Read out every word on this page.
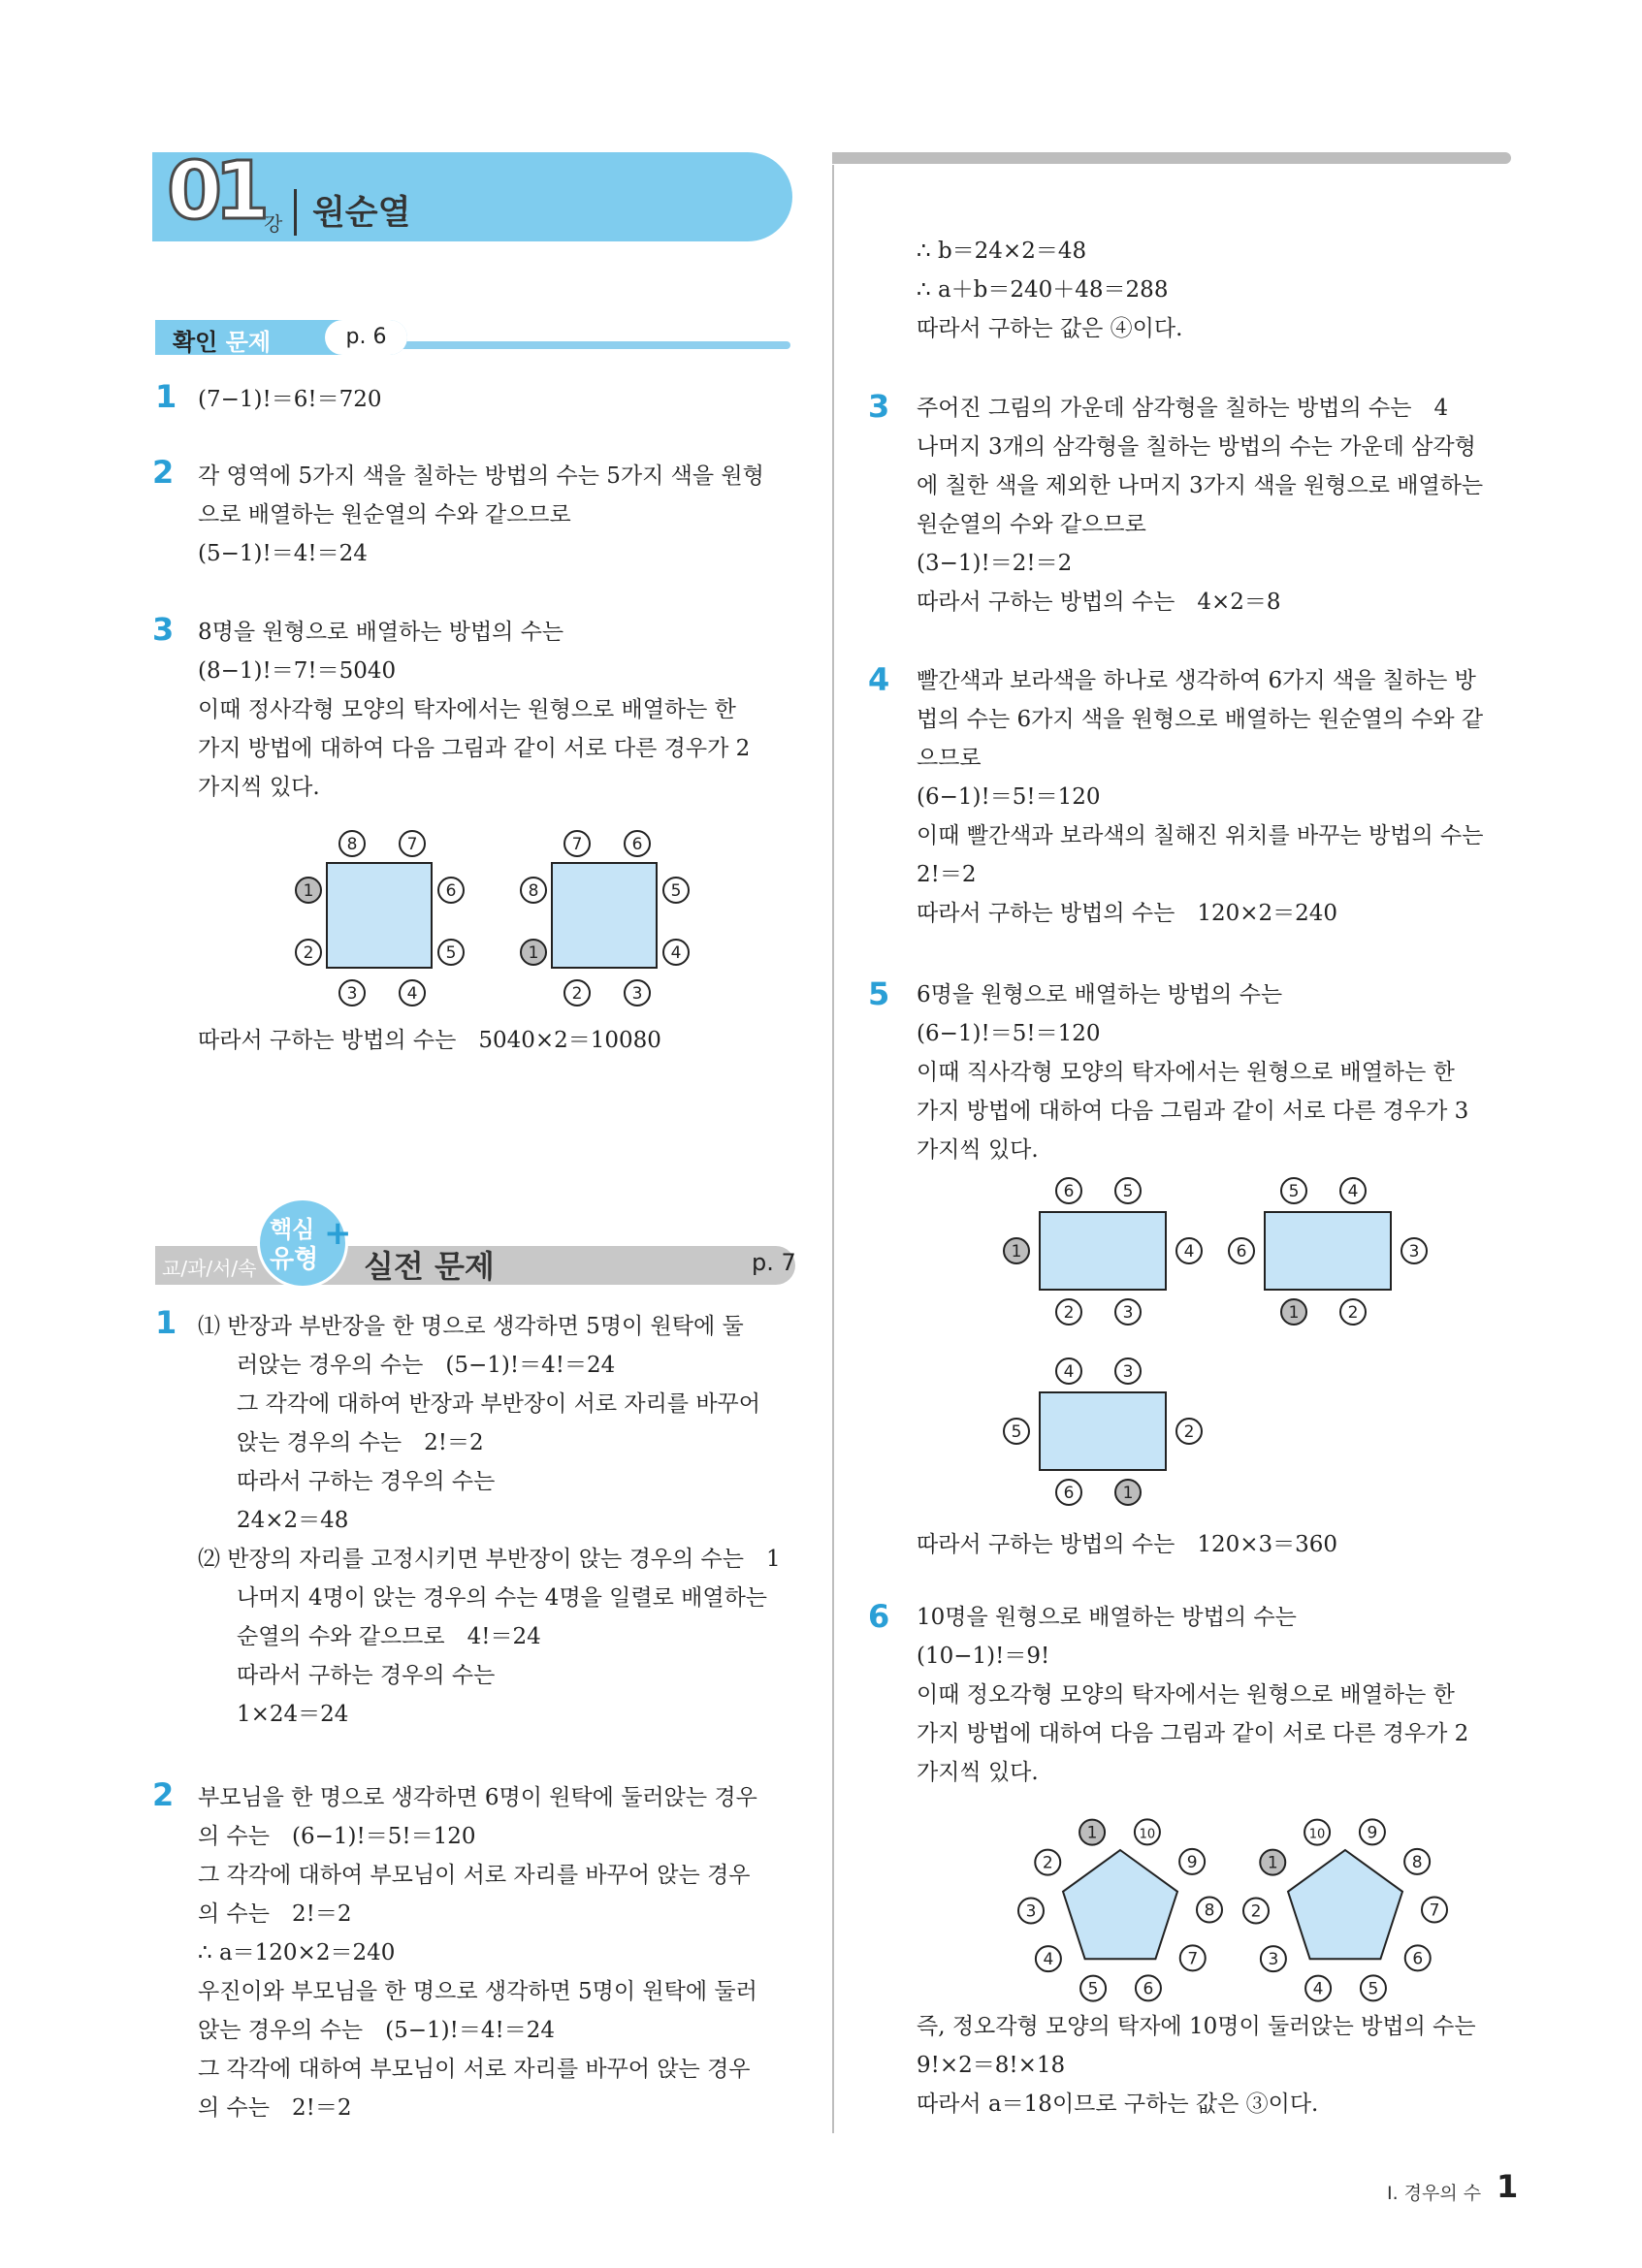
01 강 원순열
확인 문제	p. 6
1 (7−1)!＝6!＝720
2 각 영역에 5가지 색을 칠하는 방법의 수는 5가지 색을 원형
으로 배열하는 원순열의 수와 같으므로
(5−1)!＝4!＝24
3 8명을 원형으로 배열하는 방법의 수는
(8−1)!＝7!＝5040
이때 정사각형 모양의 탁자에서는 원형으로 배열하는 한
가지 방법에 대하여 다음 그림과 같이 서로 다른 경우가 2
가지씩 있다.
따라서 구하는 방법의 수는　5040×2＝10080
8	7
1
2
6
5
3	4
7	6
8
1
5
4
2	3
교/과/서/속
핵심
유형
+
실전 문제	p. 7
1 ⑴ 반장과 부반장을 한 명으로 생각하면 5명이 원탁에 둘
러앉는 경우의 수는　(5−1)!＝4!＝24
그 각각에 대하여 반장과 부반장이 서로 자리를 바꾸어
앉는 경우의 수는　2!＝2
따라서 구하는 경우의 수는
24×2＝48
⑵ 반장의 자리를 고정시키면 부반장이 앉는 경우의 수는　1
나머지 4명이 앉는 경우의 수는 4명을 일렬로 배열하는
순열의 수와 같으므로　4!＝24
따라서 구하는 경우의 수는
1×24＝24
2 부모님을 한 명으로 생각하면 6명이 원탁에 둘러앉는 경우
의 수는　(6−1)!＝5!＝120
그 각각에 대하여 부모님이 서로 자리를 바꾸어 앉는 경우
의 수는　2!＝2
∴ a＝120×2＝240
우진이와 부모님을 한 명으로 생각하면 5명이 원탁에 둘러
앉는 경우의 수는　(5−1)!＝4!＝24
그 각각에 대하여 부모님이 서로 자리를 바꾸어 앉는 경우
의 수는　2!＝2
∴ b＝24×2＝48
∴ a＋b＝240＋48＝288
따라서 구하는 값은 ④이다.
3 주어진 그림의 가운데 삼각형을 칠하는 방법의 수는　4
나머지 3개의 삼각형을 칠하는 방법의 수는 가운데 삼각형
에 칠한 색을 제외한 나머지 3가지 색을 원형으로 배열하는
원순열의 수와 같으므로
(3−1)!＝2!＝2
따라서 구하는 방법의 수는　4×2＝8
4 빨간색과 보라색을 하나로 생각하여 6가지 색을 칠하는 방
법의 수는 6가지 색을 원형으로 배열하는 원순열의 수와 같
으므로
(6−1)!＝5!＝120
이때 빨간색과 보라색의 칠해진 위치를 바꾸는 방법의 수는
2!＝2
따라서 구하는 방법의 수는　120×2＝240
5 6명을 원형으로 배열하는 방법의 수는
(6−1)!＝5!＝120
이때 직사각형 모양의 탁자에서는 원형으로 배열하는 한
가지 방법에 대하여 다음 그림과 같이 서로 다른 경우가 3
가지씩 있다.
따라서 구하는 방법의 수는　120×3＝360
6 10명을 원형으로 배열하는 방법의 수는
(10−1)!＝9!
이때 정오각형 모양의 탁자에서는 원형으로 배열하는 한
가지 방법에 대하여 다음 그림과 같이 서로 다른 경우가 2
가지씩 있다.
즉, 정오각형 모양의 탁자에 10명이 둘러앉는 방법의 수는
9!×2＝8!×18
따라서 a＝18이므로 구하는 값은 ③이다.
6	5
1	4
2	3
5	4
6	3
1	2
4	3
5	2
6	1
1	10
9
8
7
6
5
4
3
2
10	9
8
7
6
5
4
3
2
1
I. 경우의 수 1
